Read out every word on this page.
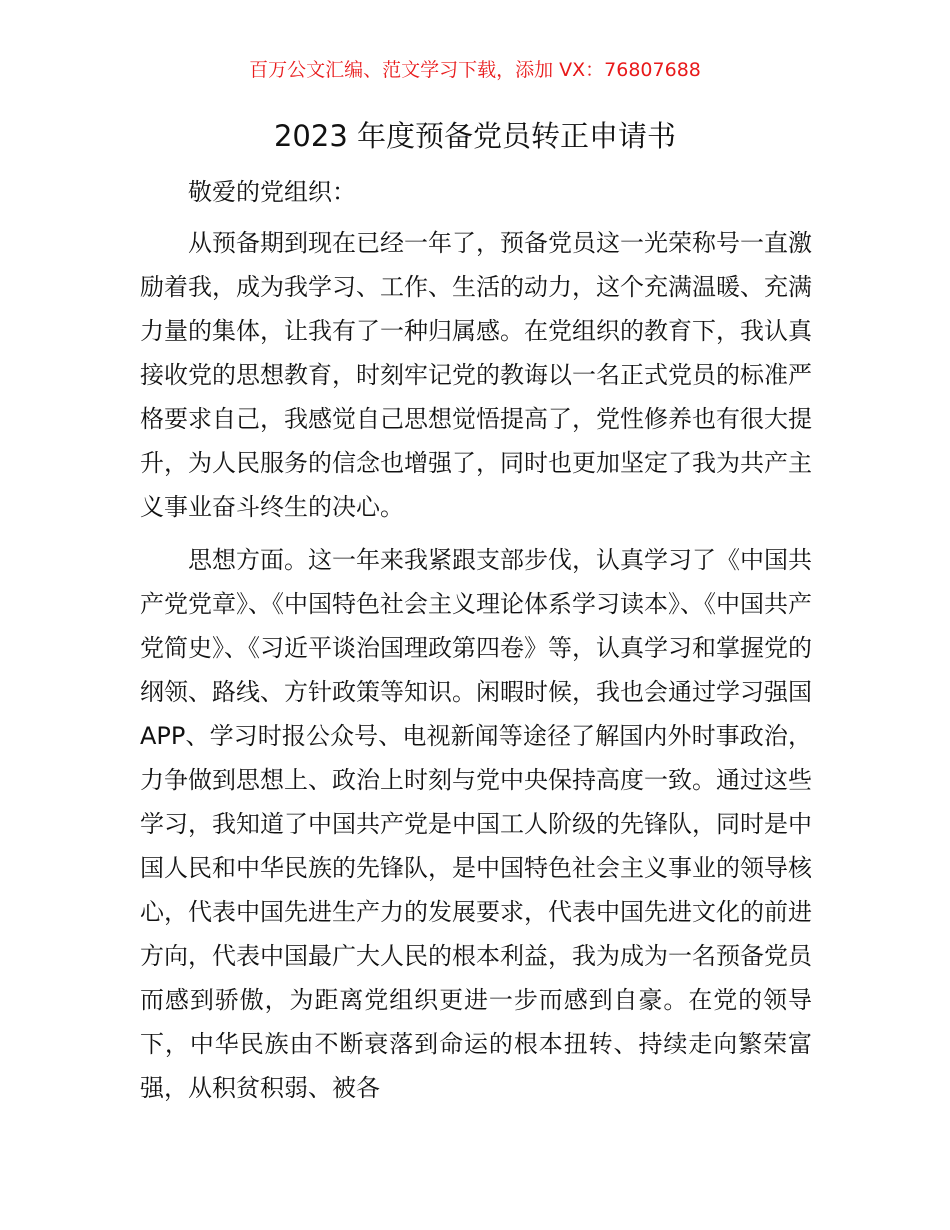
百万公文汇编、范文学习下载，添加 VX：76807688
2023 年度预备党员转正申请书

敬爱的党组织：

从预备期到现在已经一年了，预备党员这一光荣称号一直激励着我，成为我学习、工作、生活的动力，这个充满温暖、充满力量的集体，让我有了一种归属感。在党组织的教育下，我认真接收党的思想教育，时刻牢记党的教诲以一名正式党员的标准严格要求自己，我感觉自己思想觉悟提高了，党性修养也有很大提升，为人民服务的信念也增强了，同时也更加坚定了我为共产主义事业奋斗终生的决心。

思想方面。这一年来我紧跟支部步伐，认真学习了《中国共产党党章》、《中国特色社会主义理论体系学习读本》、《中国共产党简史》、《习近平谈治国理政第四卷》等，认真学习和掌握党的纲领、路线、方针政策等知识。闲暇时候，我也会通过学习强国 APP、学习时报公众号、电视新闻等途径了解国内外时事政治，力争做到思想上、政治上时刻与党中央保持高度一致。通过这些学习，我知道了中国共产党是中国工人阶级的先锋队，同时是中国人民和中华民族的先锋队，是中国特色社会主义事业的领导核心，代表中国先进生产力的发展要求，代表中国先进文化的前进方向，代表中国最广大人民的根本利益，我为成为一名预备党员而感到骄傲，为距离党组织更进一步而感到自豪。在党的领导下，中华民族由不断衰落到命运的根本扭转、持续走向繁荣富强，从积贫积弱、被各
